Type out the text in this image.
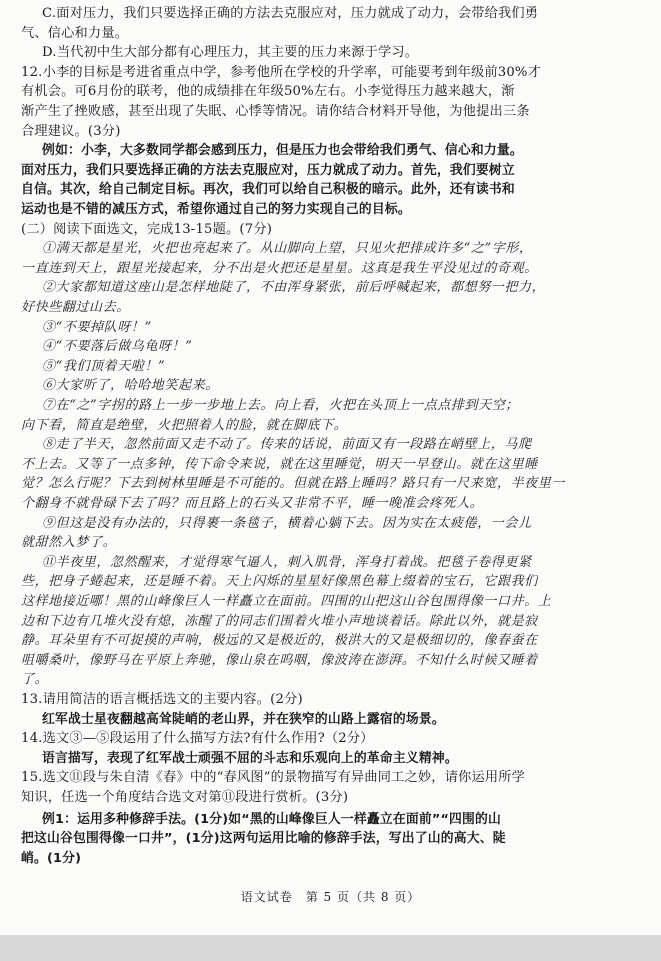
C.面对压力，我们只要选择正确的方法去克服应对，压力就成了动力，会带给我们勇
气、信心和力量。
D.当代初中生大部分都有心理压力，其主要的压力来源于学习。
12.小李的目标是考进省重点中学，参考他所在学校的升学率，可能要考到年级前30%才
有机会。可6月份的联考，他的成绩排在年级50%左右。小李觉得压力越来越大，渐
渐产生了挫败感，甚至出现了失眠、心悸等情况。请你结合材料开导他，为他提出三条
合理建议。(3分)
例如：小李，大多数同学都会感到压力，但是压力也会带给我们勇气、信心和力量。
面对压力，我们只要选择正确的方法去克服应对，压力就成了动力。首先，我们要树立
自信。其次，给自己制定目标。再次，我们可以给自己积极的暗示。此外，还有读书和
运动也是不错的减压方式，希望你通过自己的努力实现自己的目标。
(二）阅读下面选文，完成13-15题。(7分)
①满天都是星光，火把也亮起来了。从山脚向上望，只见火把排成许多“之”字形，
一直连到天上，跟星光接起来，分不出是火把还是星星。这真是我生平没见过的奇观。
②大家都知道这座山是怎样地陡了，不由浑身紧张，前后呼喊起来，都想努一把力，
好快些翻过山去。
③“不要掉队呀！”
④“不要落后做乌龟呀！”
⑤“我们顶着天啦！”
⑥大家听了，哈哈地笑起来。
⑦在“之”字拐的路上一步一步地上去。向上看，火把在头顶上一点点排到天空；
向下看，简直是绝壁，火把照着人的脸，就在脚底下。
⑧走了半天，忽然前面又走不动了。传来的话说，前面又有一段路在峭壁上，马爬
不上去。又等了一点多钟，传下命令来说，就在这里睡觉，明天一早登山。就在这里睡
觉？怎么行呢？下去到树林里睡是不可能的。但就在路上睡吗？路只有一尺来宽，半夜里一
个翻身不就骨碌下去了吗？而且路上的石头又非常不平，睡一晚准会疼死人。
⑨但这是没有办法的，只得裹一条毯子，横着心躺下去。因为实在太疲倦，一会儿
就甜然入梦了。
⑪半夜里，忽然醒来，才觉得寒气逼人，刺入肌骨，浑身打着战。把毯子卷得更紧
些，把身子蜷起来，还是睡不着。天上闪烁的星星好像黑色幕上缀着的宝石，它跟我们
这样地接近哪！黑的山峰像巨人一样矗立在面前。四围的山把这山谷包围得像一口井。上
边和下边有几堆火没有熄，冻醒了的同志们围着火堆小声地谈着话。除此以外，就是寂
静。耳朵里有不可捉摸的声响，极远的又是极近的，极洪大的又是极细切的，像春蚕在
咀嚼桑叶，像野马在平原上奔驰，像山泉在呜咽，像波涛在澎湃。不知什么时候又睡着
了。
13.请用简洁的语言概括选文的主要内容。(2分)
红军战士星夜翻越高耸陡峭的老山界，并在狭窄的山路上露宿的场景。
14.选文③—⑤段运用了什么描写方法?有什么作用?（2分）
语言描写，表现了红军战士顽强不屈的斗志和乐观向上的革命主义精神。
15.选文⑪段与朱自清《春》中的“春风图”的景物描写有异曲同工之妙，请你运用所学
知识，任选一个角度结合选文对第⑪段进行赏析。(3分)
例1：运用多种修辞手法。(1分)如“黑的山峰像巨人一样矗立在面前”“四围的山
把这山谷包围得像一口井”，(1分)这两句运用比喻的修辞手法，写出了山的高大、陡
峭。(1分)
语文试卷　第 5 页（共 8 页）
